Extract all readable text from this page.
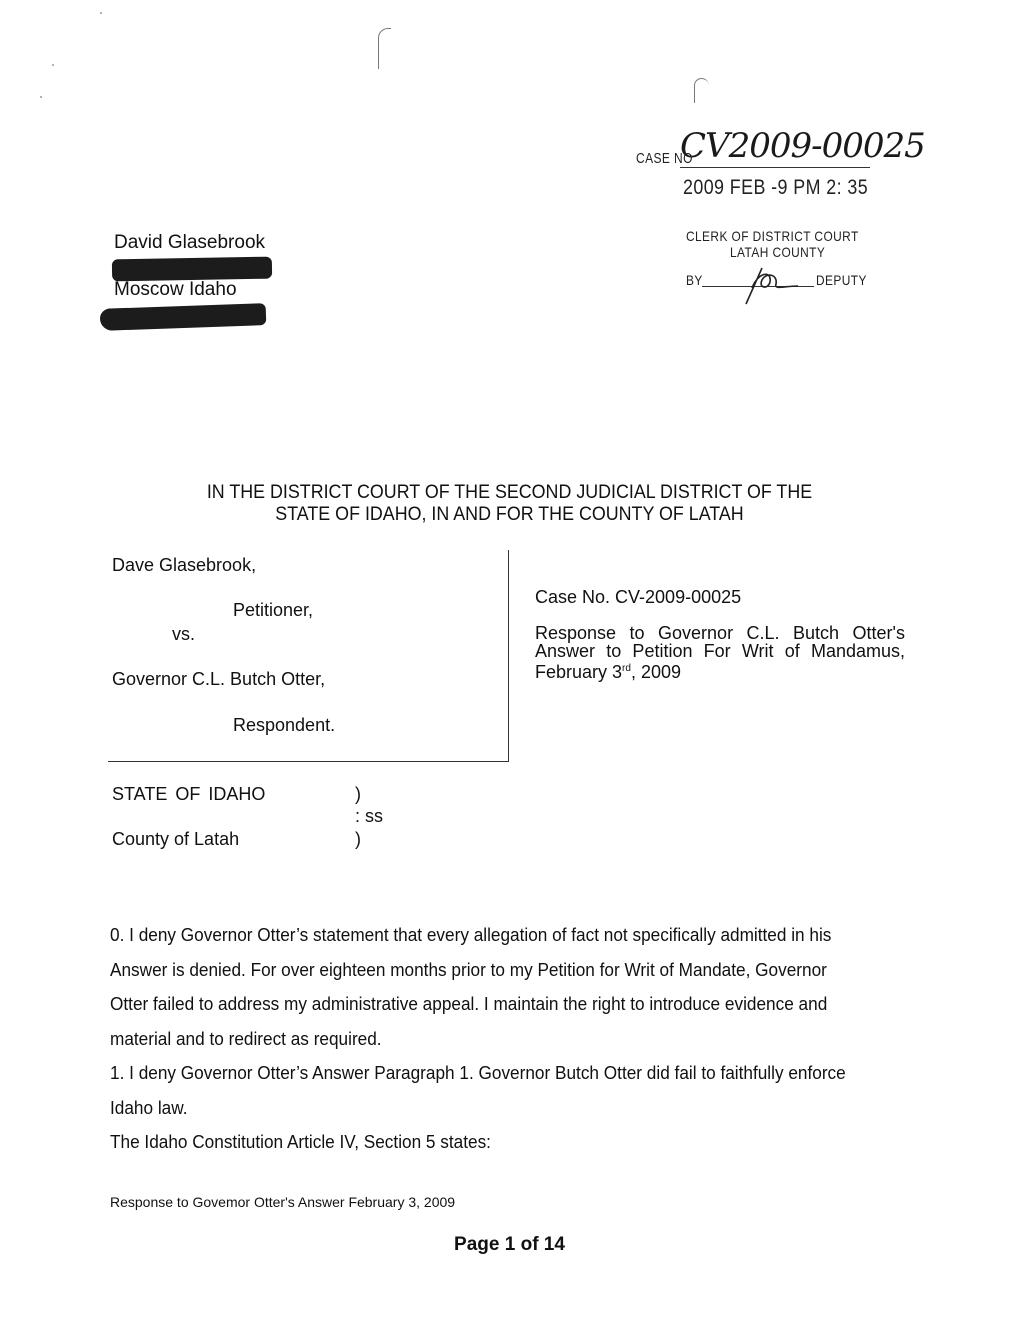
CASE NO
CV2009-00025
2009 FEB -9 PM 2: 35
CLERK OF DISTRICT COURT
LATAH COUNTY
BY	DEPUTY
David Glasebrook
Moscow Idaho
IN THE DISTRICT COURT OF THE SECOND JUDICIAL DISTRICT OF THE
STATE OF IDAHO, IN AND FOR THE COUNTY OF LATAH
Dave Glasebrook,
Petitioner,
vs.
Governor C.L. Butch Otter,
Respondent.
Case No. CV-2009-00025
Response to Governor C.L. Butch Otter's Answer to Petition For Writ of Mandamus, February 3rd, 2009
STATE OF IDAHO	)
: ss
County of Latah	)
0. I deny Governor Otter’s statement that every allegation of fact not specifically admitted in his Answer is denied. For over eighteen months prior to my Petition for Writ of Mandate, Governor Otter failed to address my administrative appeal. I maintain the right to introduce evidence and material and to redirect as required.
1. I deny Governor Otter’s Answer Paragraph 1. Governor Butch Otter did fail to faithfully enforce Idaho law.
The Idaho Constitution Article IV, Section 5 states:
Response to Govemor Otter's Answer February 3, 2009
Page 1 of 14
